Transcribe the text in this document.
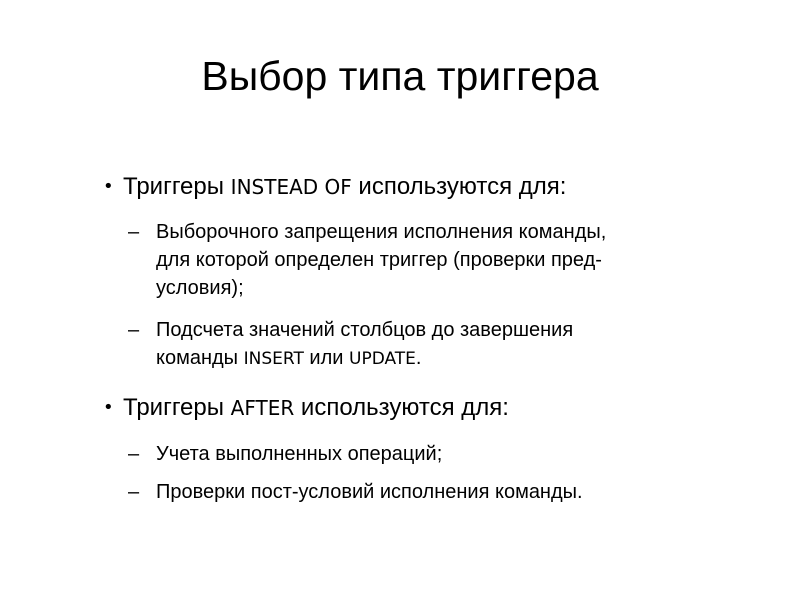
Выбор типа триггера
• Триггеры INSTEAD OF используются для:
– Выборочного запрещения исполнения команды,
для которой определен триггер (проверки пред-
условия);
– Подсчета значений столбцов до завершения
команды INSERT или UPDATE.
• Триггеры AFTER используются для:
– Учета выполненных операций;
– Проверки пост-условий исполнения команды.
